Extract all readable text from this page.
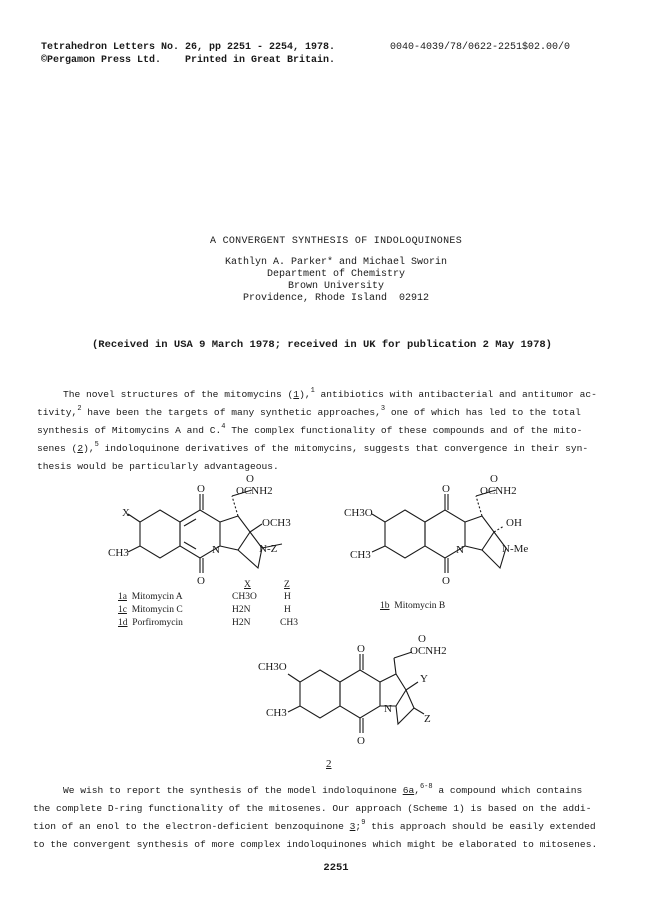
Tetrahedron Letters No. 26, pp 2251 - 2254, 1978.
©Pergamon Press Ltd.    Printed in Great Britain.
0040-4039/78/0622-2251$02.00/0
A CONVERGENT SYNTHESIS OF INDOLOQUINONES
Kathlyn A. Parker* and Michael Sworin
Department of Chemistry
Brown University
Providence, Rhode Island  02912
(Received in USA 9 March 1978; received in UK for publication 2 May 1978)
The novel structures of the mitomycins (1),$^1$ antibiotics with antibacterial and antitumor ac-
tivity,$^2$ have been the targets of many synthetic approaches,$^3$ one of which has led to the total
synthesis of Mitomycins A and C.$^4$ The complex functionality of these compounds and of the mito-
senes (2),$^5$ indoloquinone derivatives of the mitomycins, suggests that convergence in their syn-
thesis would be particularly advantageous.
X
CH3
O
O
OCNH2
O
OCH3
N-Z
N
CH3O
CH3
O
O
OCNH2
O
OH
N-Me
N
CH3O
CH3
O
O
OCNH2
O
Y
Z
N
X	Z
1a Mitomycin A	CH3O	H
1c Mitomycin C	H2N	H
1d Porfiromycin	H2N	CH3
1b Mitomycin B
2
We wish to report the synthesis of the model indoloquinone 6a,$^{6-8}$ a compound which contains
the complete D-ring functionality of the mitosenes. Our approach (Scheme 1) is based on the addi-
tion of an enol to the electron-deficient benzoquinone 3;$^9$ this approach should be easily extended
to the convergent synthesis of more complex indoloquinones which might be elaborated to mitosenes.
2251
